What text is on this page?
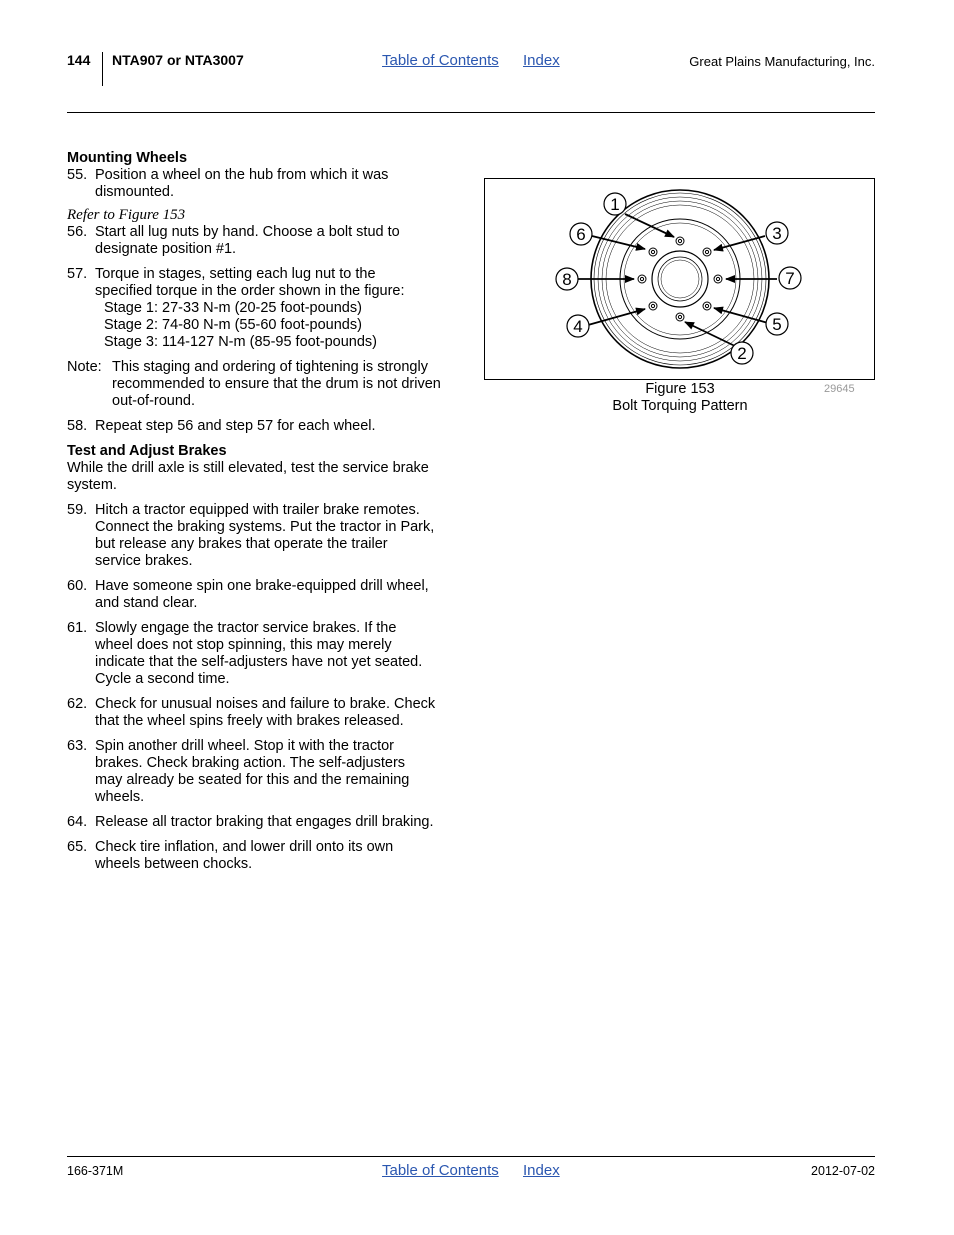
144 NTA907 or NTA3007	Table of Contents Index	Great Plains Manufacturing, Inc.
Mounting Wheels
55. Position a wheel on the hub from which it was
dismounted.
Refer to Figure 153
56. Start all lug nuts by hand. Choose a bolt stud to
designate position #1.
57. Torque in stages, setting each lug nut to the
specified torque in the order shown in the figure:
Stage 1: 27-33 N-m (20-25 foot-pounds)
Stage 2: 74-80 N-m (55-60 foot-pounds)
Stage 3: 114-127 N-m (85-95 foot-pounds)
Note: This staging and ordering of tightening is strongly
recommended to ensure that the drum is not driven
out-of-round.
58. Repeat step 56 and step 57 for each wheel.
Test and Adjust Brakes
While the drill axle is still elevated, test the service brake
system.
59. Hitch a tractor equipped with trailer brake remotes.
Connect the braking systems. Put the tractor in Park,
but release any brakes that operate the trailer
service brakes.
60. Have someone spin one brake-equipped drill wheel,
and stand clear.
61. Slowly engage the tractor service brakes. If the
wheel does not stop spinning, this may merely
indicate that the self-adjusters have not yet seated.
Cycle a second time.
62. Check for unusual noises and failure to brake. Check
that the wheel spins freely with brakes released.
63. Spin another drill wheel. Stop it with the tractor
brakes. Check braking action. The self-adjusters
may already be seated for this and the remaining
wheels.
64. Release all tractor braking that engages drill braking.
65. Check tire inflation, and lower drill onto its own
wheels between chocks.
1
6	3
8	7
4	5
2
Figure 153
Bolt Torquing Pattern
29645
166-371M	Table of Contents Index	2012-07-02
